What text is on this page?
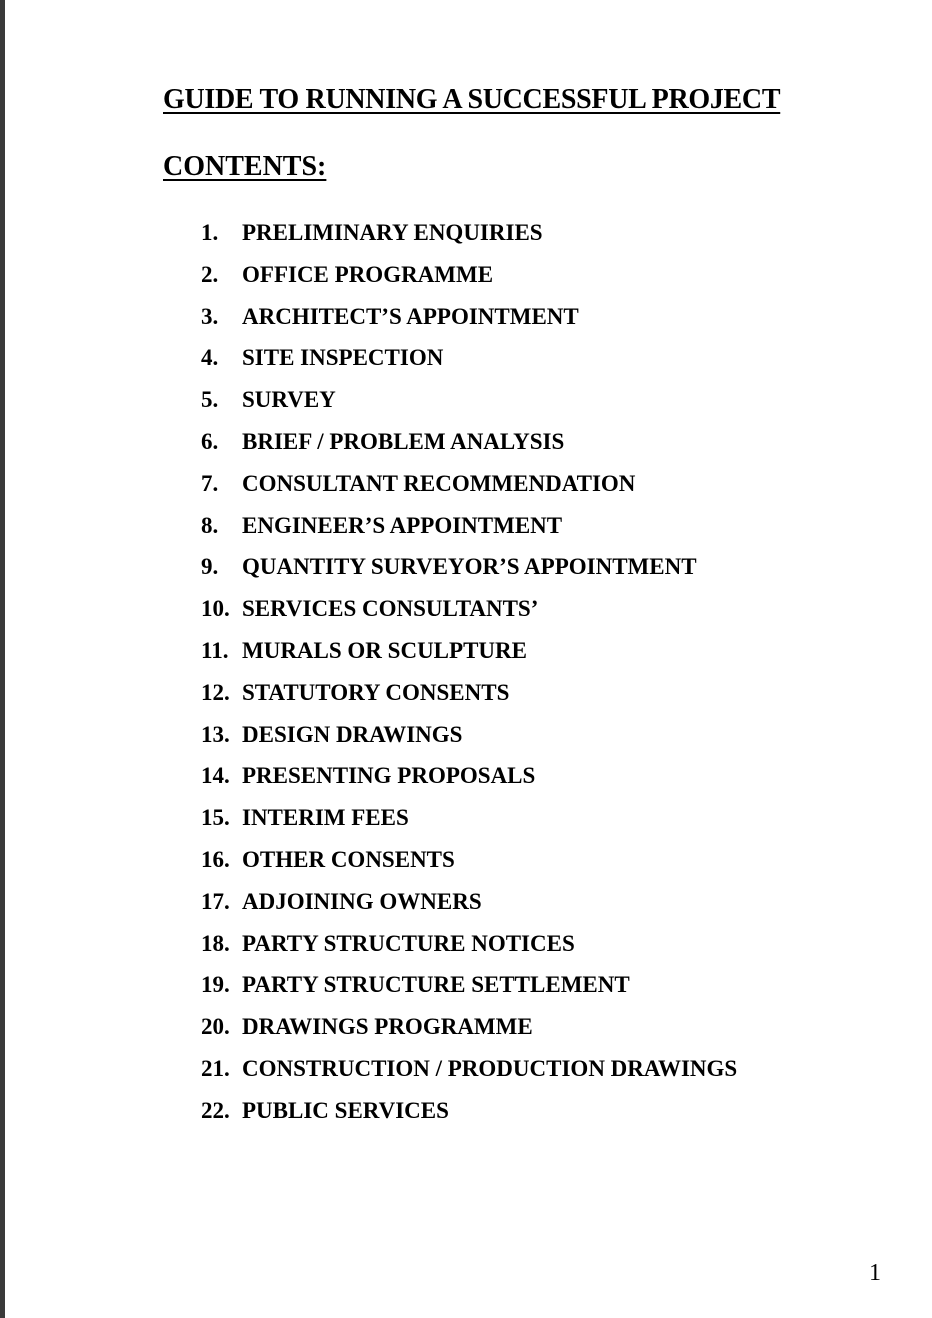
GUIDE TO RUNNING A SUCCESSFUL PROJECT
CONTENTS:
1.	PRELIMINARY ENQUIRIES
2.	OFFICE PROGRAMME
3.	ARCHITECT’S APPOINTMENT
4.	SITE INSPECTION
5.	SURVEY
6.	BRIEF / PROBLEM ANALYSIS
7.	CONSULTANT RECOMMENDATION
8.	ENGINEER’S APPOINTMENT
9.	QUANTITY SURVEYOR’S APPOINTMENT
10. SERVICES CONSULTANTS’
11. MURALS OR SCULPTURE
12. STATUTORY CONSENTS
13. DESIGN DRAWINGS
14. PRESENTING PROPOSALS
15. INTERIM FEES
16. OTHER CONSENTS
17. ADJOINING OWNERS
18. PARTY STRUCTURE NOTICES
19. PARTY STRUCTURE SETTLEMENT
20. DRAWINGS PROGRAMME
21. CONSTRUCTION / PRODUCTION DRAWINGS
22. PUBLIC SERVICES
1
